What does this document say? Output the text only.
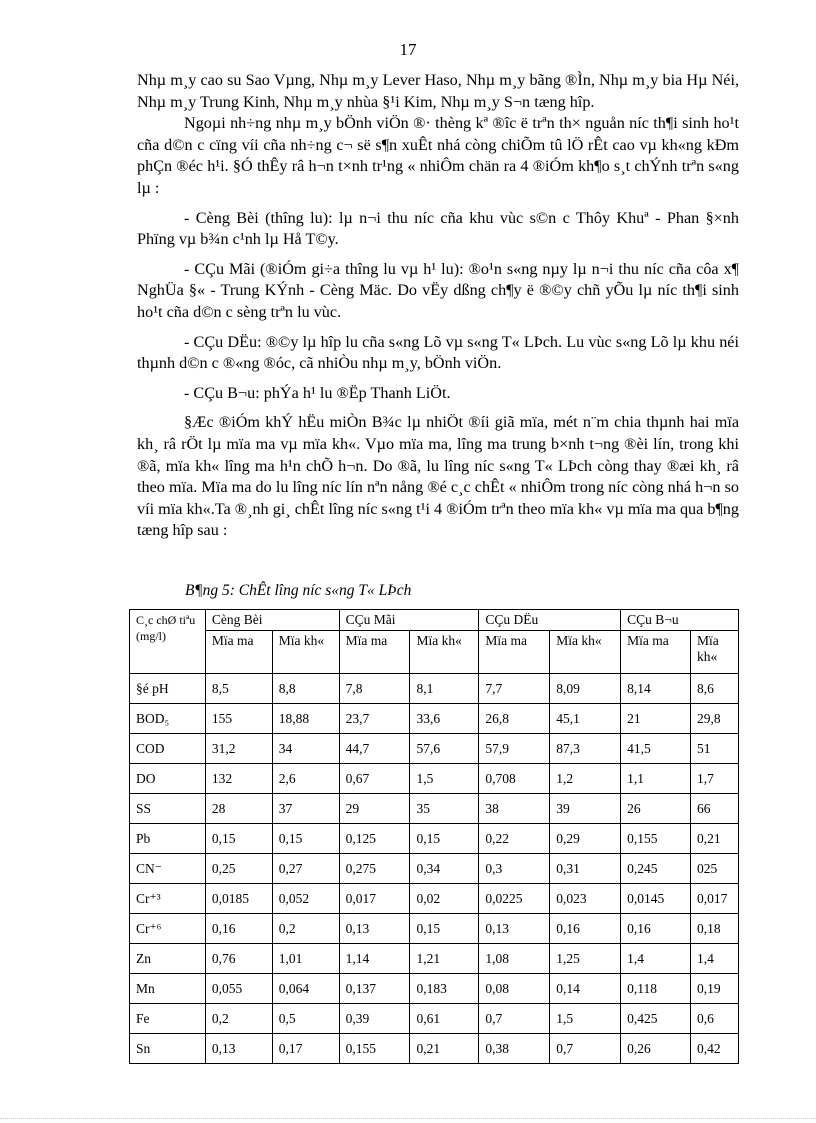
17

Nhµ m¸y cao su Sao Vµng, Nhµ m¸y Lever Haso, Nhµ m¸y bãng ®Ìn, Nhµ m¸y bia Hµ Néi, Nhµ m¸y Trung Kinh, Nhµ m¸y nhùa §¹i Kim, Nhµ m¸y S¬n tæng hîp.

Ngoµi nh÷ng nhµ m¸y bÖnh viÖn ®· thèng kª ®îc ë trªn th× nguån níc th¶i sinh ho¹t cña d©n c cïng víi cña nh÷ng c¬ së s¶n xuÊt nhá còng chiÕm tû lÖ rÊt cao vµ kh«ng kÐm phÇn ®éc h¹i. §Ó thÊy râ h¬n t×nh tr¹ng « nhiÔm chän ra 4 ®iÓm kh¶o s¸t chÝnh trªn s«ng lµ :

- Cèng Bèi (thîng lu): lµ n¬i thu níc cña khu vùc s©n c Thôy Khuª - Phan §×nh Phïng vµ b¾n c¹nh lµ Hå T©y.

- CÇu Mãi (®iÓm gi÷a thîng lu vµ h¹ lu): ®o¹n s«ng nµy lµ n¬i thu níc cña côa x¶ NghÜa §« - Trung KÝnh - Cèng Mäc. Do vËy dßng ch¶y ë ®©y chñ yÕu lµ níc th¶i sinh ho¹t cña d©n c sèng trªn lu vùc.

- CÇu DËu: ®©y lµ hîp lu cña s«ng Lõ vµ s«ng T« LÞch. Lu vùc s«ng Lõ lµ khu néi thµnh d©n c ®«ng ®óc, cã nhiÒu nhµ m¸y, bÖnh viÖn.

- CÇu B¬u: phÝa h¹ lu ®Ëp Thanh LiÖt.

§Æc ®iÓm khÝ hËu miÒn B¾c lµ nhiÖt ®íi giã mïa, mét n¨m chia thµnh hai mïa kh¸ râ rÖt lµ mïa ma vµ mïa kh«. Vµo mïa ma, lîng ma trung b×nh t¬ng ®èi lín, trong khi ®ã, mïa kh« lîng ma h¹n chÕ h¬n. Do ®ã, lu lîng níc s«ng T« LÞch còng thay ®æi kh¸ râ theo mïa. Mïa ma do lu lîng níc lín nªn nång ®é c¸c chÊt « nhiÔm trong níc còng nhá h¬n so víi mïa kh«.Ta ®¸nh gi¸ chÊt lîng níc s«ng t¹i 4 ®iÓm trªn theo mïa kh« vµ mïa ma qua b¶ng tæng hîp sau :

B¶ng 5: ChÊt lîng níc s«ng T« LÞch
C¸c chØ tiªu (mg/l)	Cèng Bèi		CÇu Mãi		CÇu DËu		CÇu B¬u	
	Mïa ma	Mïa kh«	Mïa ma	Mïa kh«	Mïa ma	Mïa kh«	Mïa ma	Mïa kh«
§é pH	8,5	8,8	7,8	8,1	7,7	8,09	8,14	8,6
BOD₅	155	18,88	23,7	33,6	26,8	45,1	21	29,8
COD	31,2	34	44,7	57,6	57,9	87,3	41,5	51
DO	132	2,6	0,67	1,5	0,708	1,2	1,1	1,7
SS	28	37	29	35	38	39	26	66
Pb	0,15	0,15	0,125	0,15	0,22	0,29	0,155	0,21
CN⁻	0,25	0,27	0,275	0,34	0,3	0,31	0,245	025
Cr⁺³	0,0185	0,052	0,017	0,02	0,0225	0,023	0,0145	0,017
Cr⁺⁶	0,16	0,2	0,13	0,15	0,13	0,16	0,16	0,18
Zn	0,76	1,01	1,14	1,21	1,08	1,25	1,4	1,4
Mn	0,055	0,064	0,137	0,183	0,08	0,14	0,118	0,19
Fe	0,2	0,5	0,39	0,61	0,7	1,5	0,425	0,6
Sn	0,13	0,17	0,155	0,21	0,38	0,7	0,26	0,42
